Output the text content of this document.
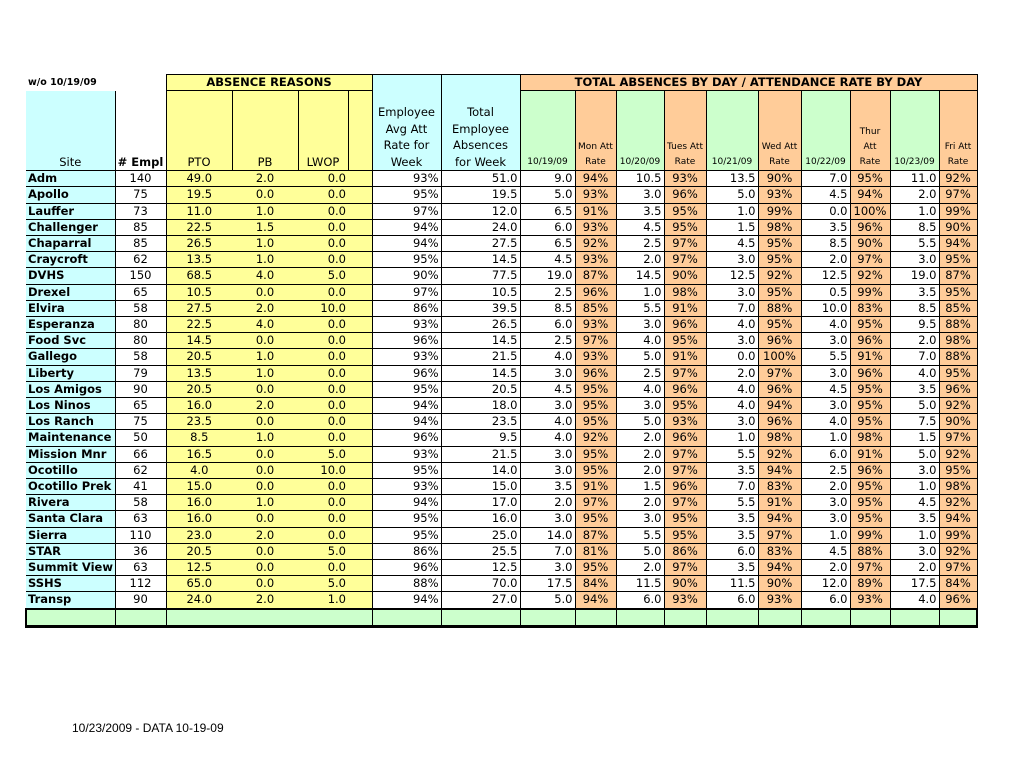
w/o 10/19/09		ABSENCE REASONS						TOTAL ABSENCES BY DAY / ATTENDANCE RATE BY DAY									
Site	# Empl	PTO	PB	LWOP		Employee Avg Att Rate for Week	Total Employee Absences for Week	10/19/09	Mon Att Rate	10/20/09	Tues Att Rate	10/21/09	Wed Att Rate	10/22/09	Thur Att Rate	10/23/09	Fri Att Rate
Adm	140	49.0	2.0	0.0		93%	51.0	9.0	94%	10.5	93%	13.5	90%	7.0	95%	11.0	92%
Apollo	75	19.5	0.0	0.0		95%	19.5	5.0	93%	3.0	96%	5.0	93%	4.5	94%	2.0	97%
Lauffer	73	11.0	1.0	0.0		97%	12.0	6.5	91%	3.5	95%	1.0	99%	0.0	100%	1.0	99%
Challenger	85	22.5	1.5	0.0		94%	24.0	6.0	93%	4.5	95%	1.5	98%	3.5	96%	8.5	90%
Chaparral	85	26.5	1.0	0.0		94%	27.5	6.5	92%	2.5	97%	4.5	95%	8.5	90%	5.5	94%
Craycroft	62	13.5	1.0	0.0		95%	14.5	4.5	93%	2.0	97%	3.0	95%	2.0	97%	3.0	95%
DVHS	150	68.5	4.0	5.0		90%	77.5	19.0	87%	14.5	90%	12.5	92%	12.5	92%	19.0	87%
Drexel	65	10.5	0.0	0.0		97%	10.5	2.5	96%	1.0	98%	3.0	95%	0.5	99%	3.5	95%
Elvira	58	27.5	2.0	10.0		86%	39.5	8.5	85%	5.5	91%	7.0	88%	10.0	83%	8.5	85%
Esperanza	80	22.5	4.0	0.0		93%	26.5	6.0	93%	3.0	96%	4.0	95%	4.0	95%	9.5	88%
Food Svc	80	14.5	0.0	0.0		96%	14.5	2.5	97%	4.0	95%	3.0	96%	3.0	96%	2.0	98%
Gallego	58	20.5	1.0	0.0		93%	21.5	4.0	93%	5.0	91%	0.0	100%	5.5	91%	7.0	88%
Liberty	79	13.5	1.0	0.0		96%	14.5	3.0	96%	2.5	97%	2.0	97%	3.0	96%	4.0	95%
Los Amigos	90	20.5	0.0	0.0		95%	20.5	4.5	95%	4.0	96%	4.0	96%	4.5	95%	3.5	96%
Los Ninos	65	16.0	2.0	0.0		94%	18.0	3.0	95%	3.0	95%	4.0	94%	3.0	95%	5.0	92%
Los Ranch	75	23.5	0.0	0.0		94%	23.5	4.0	95%	5.0	93%	3.0	96%	4.0	95%	7.5	90%
Maintenance	50	8.5	1.0	0.0		96%	9.5	4.0	92%	2.0	96%	1.0	98%	1.0	98%	1.5	97%
Mission Mnr	66	16.5	0.0	5.0		93%	21.5	3.0	95%	2.0	97%	5.5	92%	6.0	91%	5.0	92%
Ocotillo	62	4.0	0.0	10.0		95%	14.0	3.0	95%	2.0	97%	3.5	94%	2.5	96%	3.0	95%
Ocotillo Prek	41	15.0	0.0	0.0		93%	15.0	3.5	91%	1.5	96%	7.0	83%	2.0	95%	1.0	98%
Rivera	58	16.0	1.0	0.0		94%	17.0	2.0	97%	2.0	97%	5.5	91%	3.0	95%	4.5	92%
Santa Clara	63	16.0	0.0	0.0		95%	16.0	3.0	95%	3.0	95%	3.5	94%	3.0	95%	3.5	94%
Sierra	110	23.0	2.0	0.0		95%	25.0	14.0	87%	5.5	95%	3.5	97%	1.0	99%	1.0	99%
STAR	36	20.5	0.0	5.0		86%	25.5	7.0	81%	5.0	86%	6.0	83%	4.5	88%	3.0	92%
Summit View	63	12.5	0.0	0.0		96%	12.5	3.0	95%	2.0	97%	3.5	94%	2.0	97%	2.0	97%
SSHS	112	65.0	0.0	5.0		88%	70.0	17.5	84%	11.5	90%	11.5	90%	12.0	89%	17.5	84%
Transp	90	24.0	2.0	1.0		94%	27.0	5.0	94%	6.0	93%	6.0	93%	6.0	93%	4.0	96%

10/23/2009 - DATA 10-19-09
